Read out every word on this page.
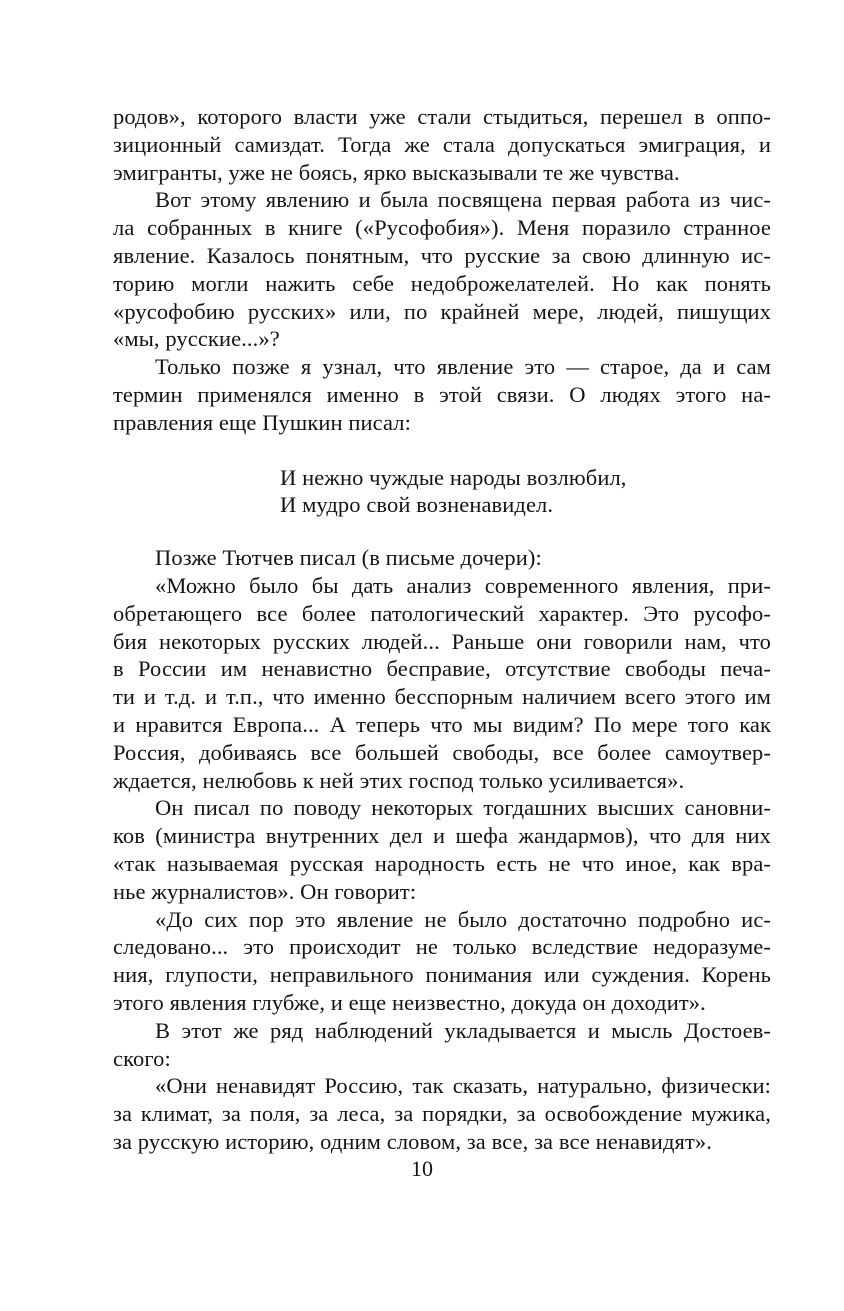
родов», которого власти уже стали стыдиться, перешел в оппо-
зиционный самиздат. Тогда же стала допускаться эмиграция, и
эмигранты, уже не боясь, ярко высказывали те же чувства.
Вот этому явлению и была посвящена первая работа из чис-
ла собранных в книге («Русофобия»). Меня поразило странное
явление. Казалось понятным, что русские за свою длинную ис-
торию могли нажить себе недоброжелателей. Но как понять
«русофобию русских» или, по крайней мере, людей, пишущих
«мы, русские...»?
Только позже я узнал, что явление это — старое, да и сам
термин применялся именно в этой связи. О людях этого на-
правления еще Пушкин писал:
И нежно чуждые народы возлюбил,
И мудро свой возненавидел.
Позже Тютчев писал (в письме дочери):
«Можно было бы дать анализ современного явления, при-
обретающего все более патологический характер. Это русофо-
бия некоторых русских людей... Раньше они говорили нам, что
в России им ненавистно бесправие, отсутствие свободы печа-
ти и т.д. и т.п., что именно бесспорным наличием всего этого им
и нравится Европа... А теперь что мы видим? По мере того как
Россия, добиваясь все большей свободы, все более самоутвер-
ждается, нелюбовь к ней этих господ только усиливается».
Он писал по поводу некоторых тогдашних высших сановни-
ков (министра внутренних дел и шефа жандармов), что для них
«так называемая русская народность есть не что иное, как вра-
нье журналистов». Он говорит:
«До сих пор это явление не было достаточно подробно ис-
следовано... это происходит не только вследствие недоразуме-
ния, глупости, неправильного понимания или суждения. Корень
этого явления глубже, и еще неизвестно, докуда он доходит».
В этот же ряд наблюдений укладывается и мысль Достоев-
ского:
«Они ненавидят Россию, так сказать, натурально, физически:
за климат, за поля, за леса, за порядки, за освобождение мужика,
за русскую историю, одним словом, за все, за все ненавидят».
10
